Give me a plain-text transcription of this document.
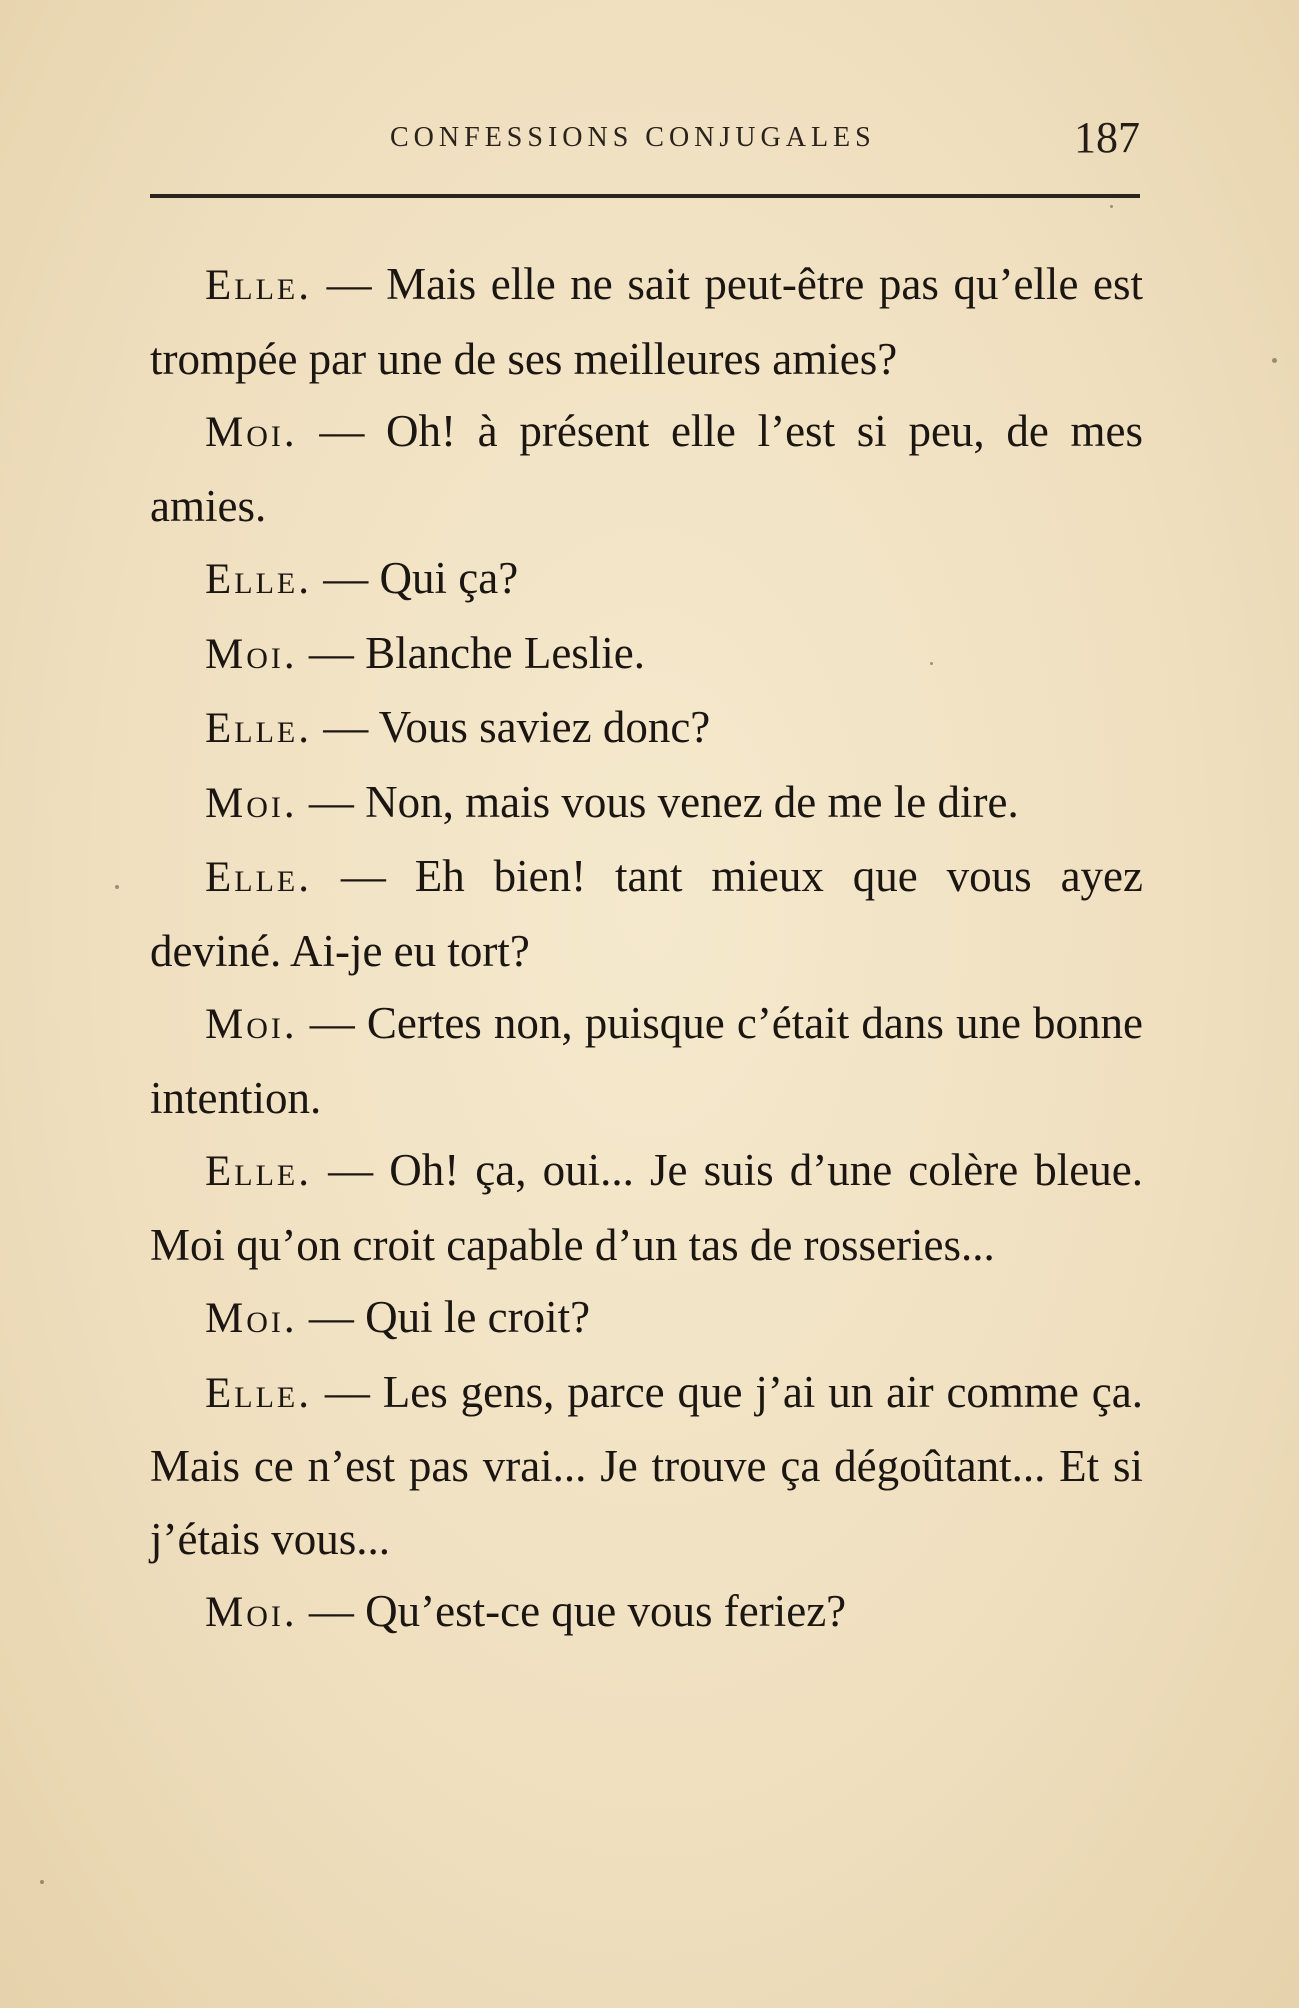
CONFESSIONS CONJUGALES	187

Elle. — Mais elle ne sait peut-être pas qu’elle est trompée par une de ses meilleures amies?

Moi. — Oh! à présent elle l’est si peu, de mes amies.

Elle. — Qui ça?

Moi. — Blanche Leslie.

Elle. — Vous saviez donc?

Moi. — Non, mais vous venez de me le dire.

Elle. — Eh bien! tant mieux que vous ayez deviné. Ai-je eu tort?

Moi. — Certes non, puisque c’était dans une bonne intention.

Elle. — Oh! ça, oui... Je suis d’une colère bleue. Moi qu’on croit capable d’un tas de rosseries...

Moi. — Qui le croit?

Elle. — Les gens, parce que j’ai un air comme ça. Mais ce n’est pas vrai... Je trouve ça dégoûtant... Et si j’étais vous...

Moi. — Qu’est-ce que vous feriez?
